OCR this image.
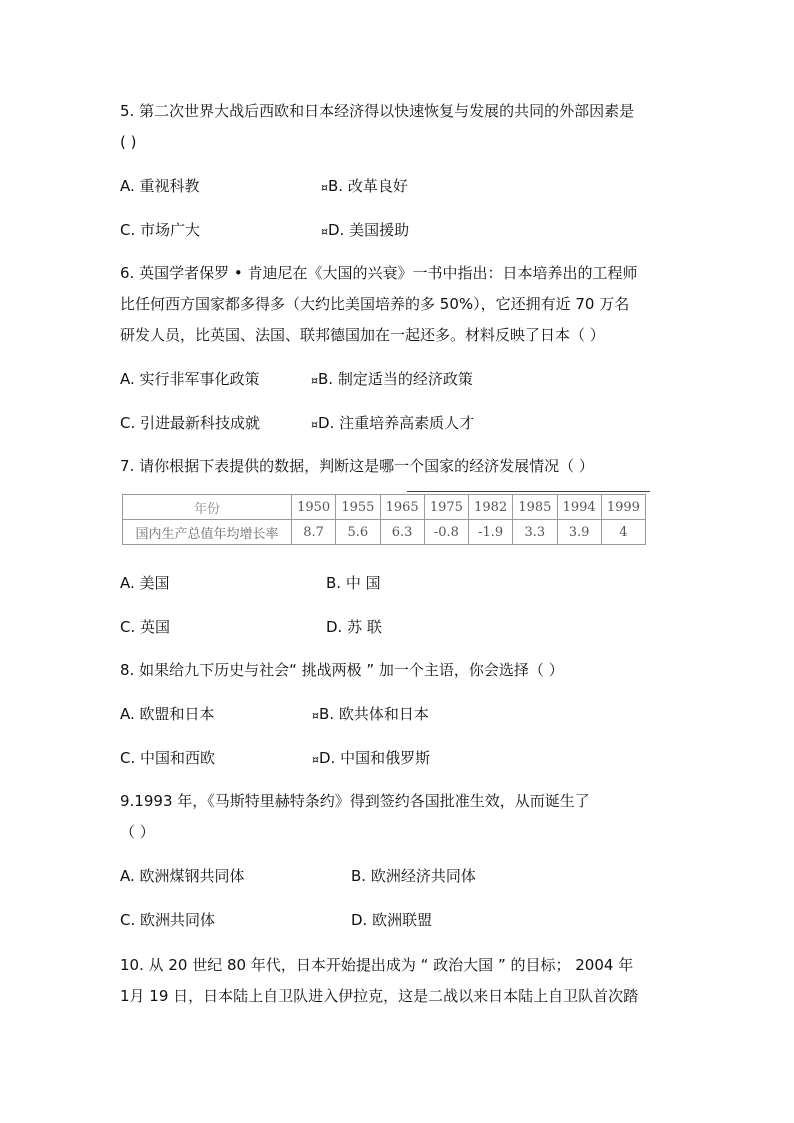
5. 第二次世界大战后西欧和日本经济得以快速恢复与发展的共同的外部因素是
( )
A. 重视科教	¤B. 改革良好
C. 市场广大	¤D. 美国援助
6. 英国学者保罗 • 肯迪尼在《大国的兴衰》一书中指出：日本培养出的工程师
比任何西方国家都多得多（大约比美国培养的多 50%），它还拥有近 70 万名
研发人员，比英国、法国、联邦德国加在一起还多。材料反映了日本（ ）
A. 实行非军事化政策	¤B. 制定适当的经济政策
C. 引进最新科技成就	¤D. 注重培养高素质人才
7. 请你根据下表提供的数据，判断这是哪一个国家的经济发展情况（ ）
年份	1950	1955	1965	1975	1982	1985	1994	1999
国内生产总值年均增长率	8.7	5.6	6.3	-0.8	-1.9	3.3	3.9	4
A. 美国	B. 中 国
C. 英国	D. 苏 联
8. 如果给九下历史与社会“ 挑战两极 ” 加一个主语，你会选择（ ）
A. 欧盟和日本	¤B. 欧共体和日本
C. 中国和西欧	¤D. 中国和俄罗斯
9.1993 年，《马斯特里赫特条约》得到签约各国批准生效，从而诞生了
（ ）
A. 欧洲煤钢共同体	B. 欧洲经济共同体
C. 欧洲共同体	D. 欧洲联盟
10. 从 20 世纪 80 年代，日本开始提出成为 “ 政治大国 ” 的目标； 2004 年
1月 19 日，日本陆上自卫队进入伊拉克，这是二战以来日本陆上自卫队首次踏
